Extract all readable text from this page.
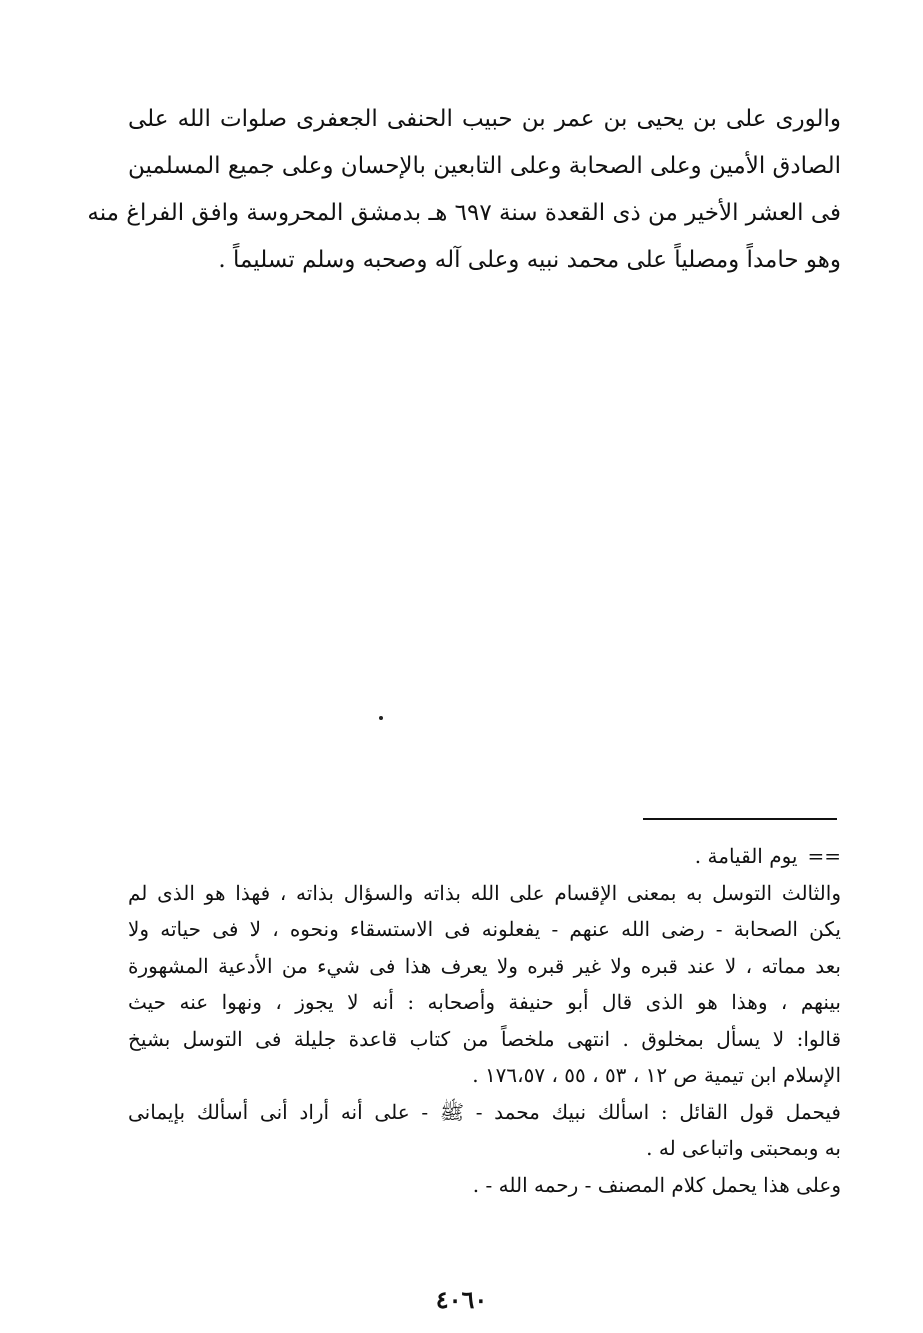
والورى على بن يحيى بن عمر بن حبيب الحنفى الجعفرى صلوات الله على
الصادق الأمين وعلى الصحابة وعلى التابعين بالإحسان وعلى جميع المسلمين
فى العشر الأخير من ذى القعدة سنة ٦٩٧ هـ بدمشق المحروسة وافق الفراغ منه
وهو حامداً ومصلياً على محمد نبيه وعلى آله وصحبه وسلم تسليماً .
==يوم القيامة .
والثالث التوسل به بمعنى الإقسام على الله بذاته والسؤال بذاته ، فهذا هو الذى لم
يكن الصحابة - رضى الله عنهم - يفعلونه فى الاستسقاء ونحوه ، لا فى حياته ولا
بعد مماته ، لا عند قبره ولا غير قبره ولا يعرف هذا فى شيء من الأدعية المشهورة
بينهم ، وهذا هو الذى قال أبو حنيفة وأصحابه : أنه لا يجوز ، ونهوا عنه حيث
قالوا: لا يسأل بمخلوق . انتهى ملخصاً من كتاب قاعدة جليلة فى التوسل بشيخ
الإسلام ابن تيمية ص ١٢ ، ٥٣ ، ٥٥ ، ١٧٦،٥٧ .
فيحمل قول القائل : اسألك نبيك محمد - ﷺ - على أنه أراد أنى أسألك بإيمانى
به وبمحبتى واتباعى له .
وعلى هذا يحمل كلام المصنف - رحمه الله - .
٤٠٦٠
